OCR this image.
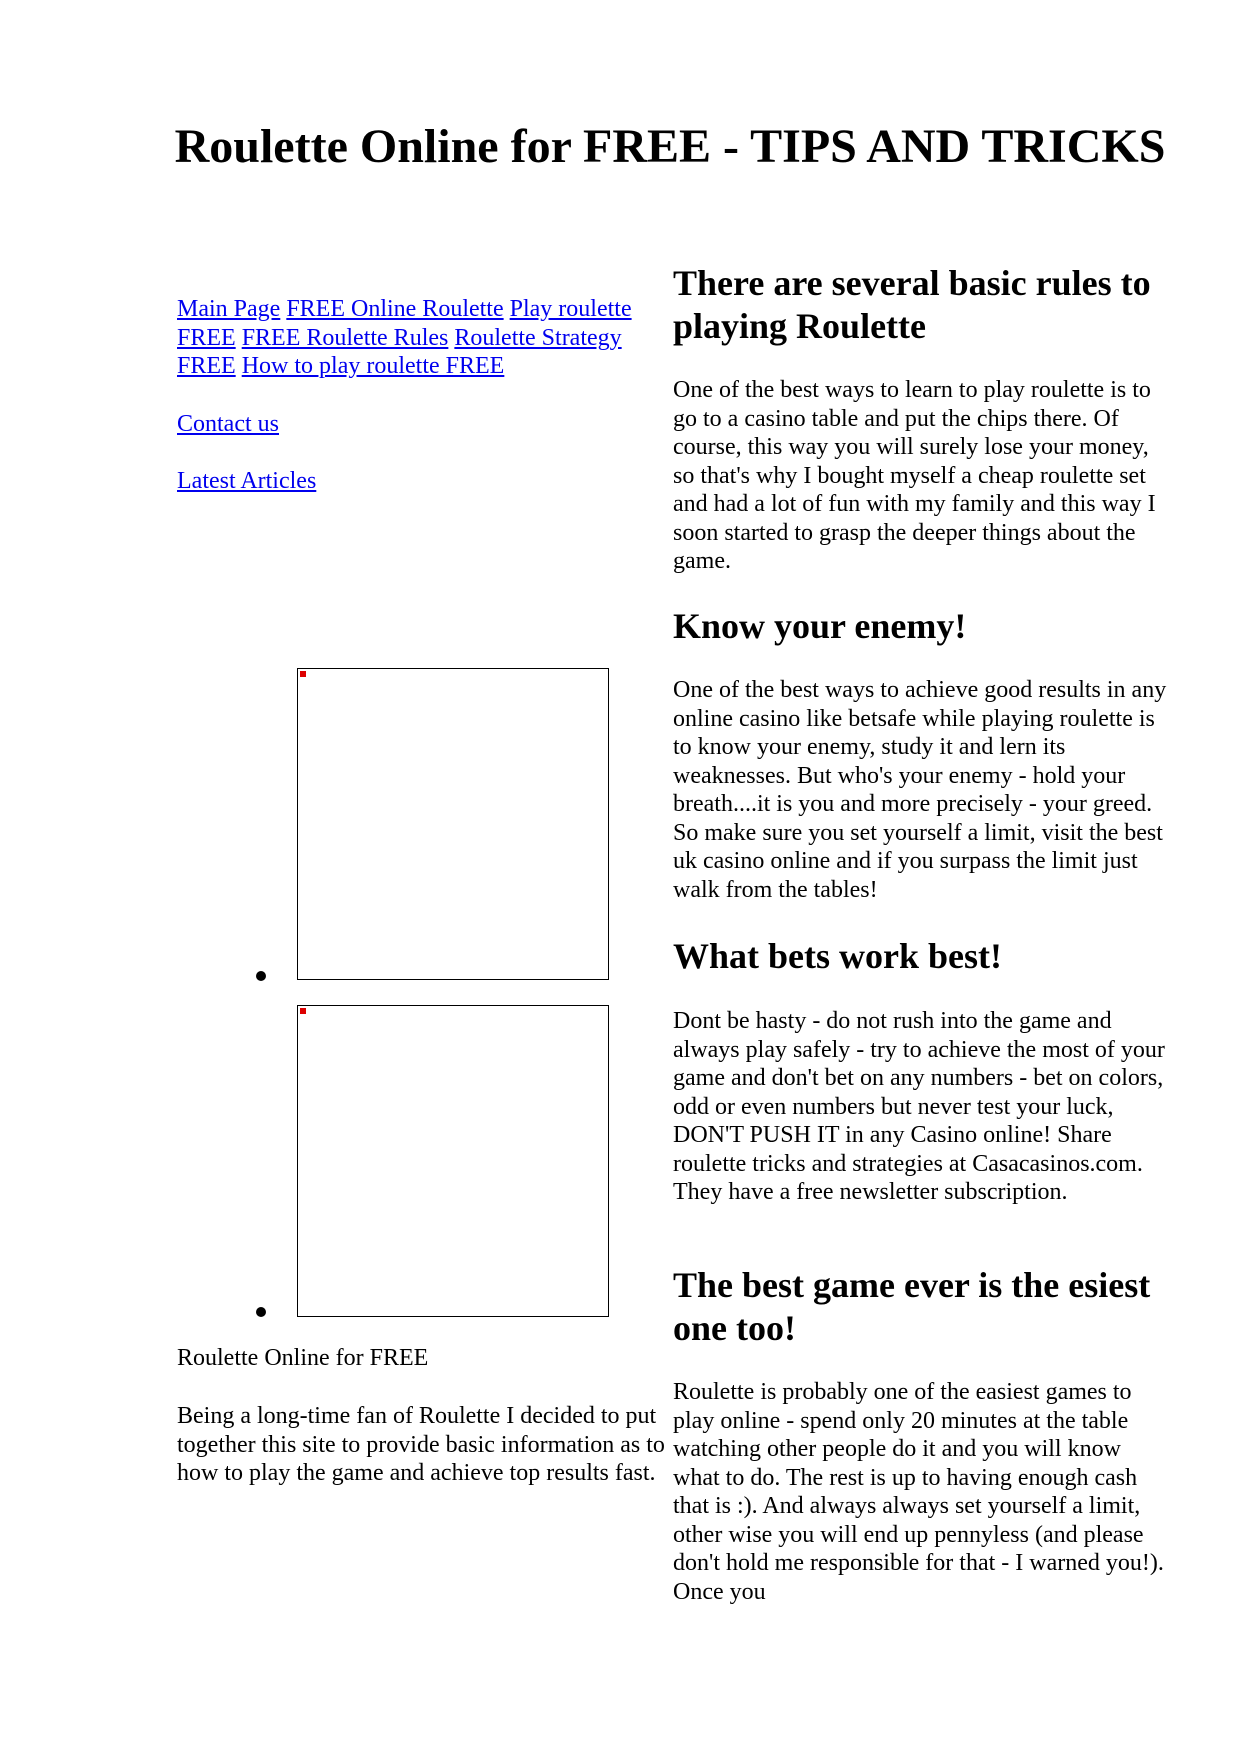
Roulette Online for FREE - TIPS AND TRICKS

Main Page FREE Online Roulette Play roulette FREE FREE Roulette Rules Roulette Strategy FREE How to play roulette FREE

Contact us

Latest Articles

Roulette Online for FREE

Being a long-time fan of Roulette I decided to put together this site to provide basic information as to how to play the game and achieve top results fast.

There are several basic rules to playing Roulette

One of the best ways to learn to play roulette is to go to a casino table and put the chips there. Of course, this way you will surely lose your money, so that's why I bought myself a cheap roulette set and had a lot of fun with my family and this way I soon started to grasp the deeper things about the game.

Know your enemy!

One of the best ways to achieve good results in any online casino like betsafe while playing roulette is to know your enemy, study it and lern its weaknesses. But who's your enemy - hold your breath....it is you and more precisely - your greed. So make sure you set yourself a limit, visit the best uk casino online and if you surpass the limit just walk from the tables!

What bets work best!

Dont be hasty - do not rush into the game and always play safely - try to achieve the most of your game and don't bet on any numbers - bet on colors, odd or even numbers but never test your luck, DON'T PUSH IT in any Casino online! Share roulette tricks and strategies at Casacasinos.com. They have a free newsletter subscription.

The best game ever is the esiest one too!

Roulette is probably one of the easiest games to play online - spend only 20 minutes at the table watching other people do it and you will know what to do. The rest is up to having enough cash that is :). And always always set yourself a limit, other wise you will end up pennyless (and please don't hold me responsible for that - I warned you!). Once you
